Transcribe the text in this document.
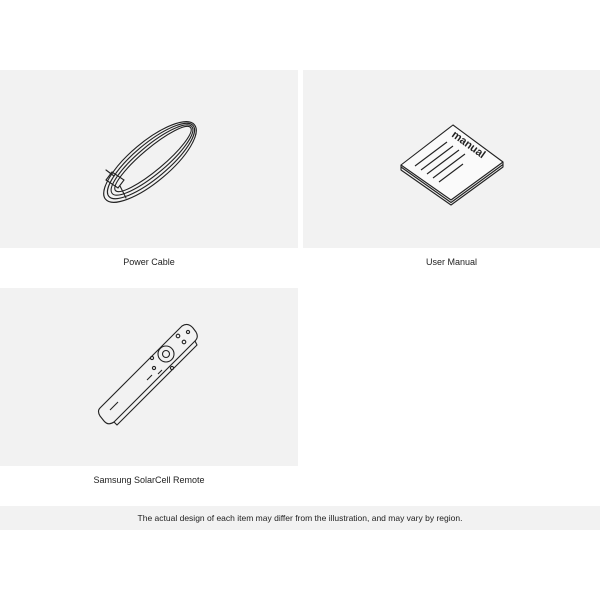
Power Cable
manual
User Manual
Samsung SolarCell Remote
The actual design of each item may differ from the illustration, and may vary by region.
